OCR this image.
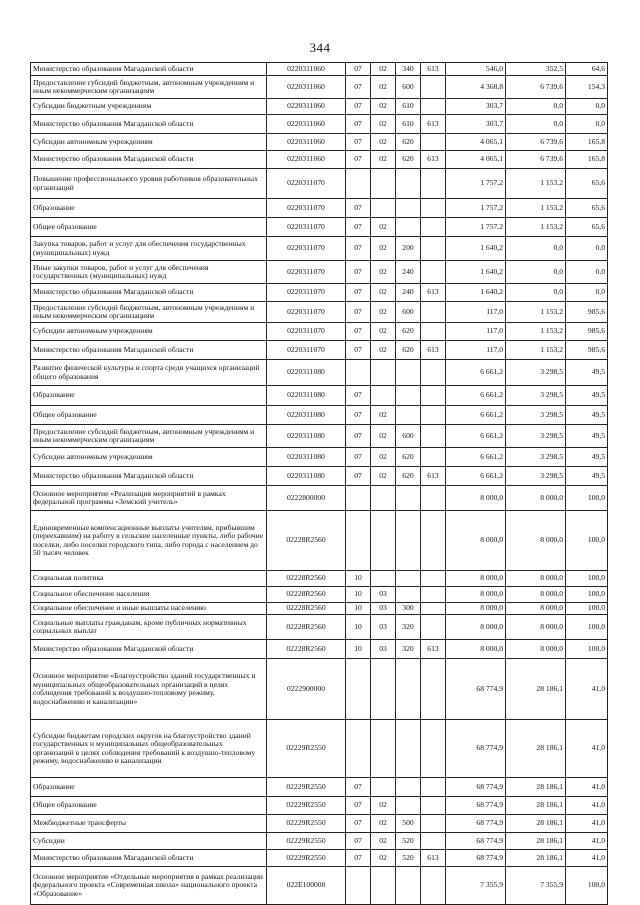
344
Министерство образования Магаданской области	0220311060	07	02	340	613	546,0	352,5	64,6
Предоставление субсидий бюджетным, автономным учреждениям и иным некоммерческим организациям	0220311060	07	02	600		4 368,8	6 739,6	154,3
Субсидии бюджетным учреждениям	0220311060	07	02	610		303,7	0,0	0,0
Министерство образования Магаданской области	0220311060	07	02	610	613	303,7	0,0	0,0
Субсидии автономным учреждениям	0220311060	07	02	620		4 065,1	6 739,6	165,8
Министерство образования Магаданской области	0220311060	07	02	620	613	4 065,1	6 739,6	165,8
Повышение профессионального уровня работников образовательных организаций	0220311070					1 757,2	1 153,2	65,6
Образование	0220311070	07				1 757,2	1 153,2	65,6
Общее образование	0220311070	07	02			1 757,2	1 153,2	65,6
Закупка товаров, работ и услуг для обеспечения государственных (муниципальных) нужд	0220311070	07	02	200		1 640,2	0,0	0,0
Иные закупки товаров, работ и услуг для обеспечения государственных (муниципальных) нужд	0220311070	07	02	240		1 640,2	0,0	0,0
Министерство образования Магаданской области	0220311070	07	02	240	613	1 640,2	0,0	0,0
Предоставление субсидий бюджетным, автономным учреждениям и иным некоммерческим организациям	0220311070	07	02	600		117,0	1 153,2	985,6
Субсидии автономным учреждениям	0220311070	07	02	620		117,0	1 153,2	985,6
Министерство образования Магаданской области	0220311070	07	02	620	613	117,0	1 153,2	985,6
Развитие физической культуры и спорта среди учащихся организаций общего образования	0220311080					6 661,2	3 298,5	49,5
Образование	0220311080	07				6 661,2	3 298,5	49,5
Общее образование	0220311080	07	02			6 661,2	3 298,5	49,5
Предоставление субсидий бюджетным, автономным учреждениям и иным некоммерческим организациям	0220311080	07	02	600		6 661,2	3 298,5	49,5
Субсидии автономным учреждениям	0220311080	07	02	620		6 661,2	3 298,5	49,5
Министерство образования Магаданской области	0220311080	07	02	620	613	6 661,2	3 298,5	49,5
Основное мероприятие «Реализация мероприятий в рамках федеральной программы «Земский учитель»	0222800000					8 000,0	8 000,0	100,0
Единовременные компенсационные выплаты учителям, прибывшим (переехавшим) на работу в сельские населенные пункты, либо рабочие поселки, либо поселки городского типа, либо города с населением до 50 тысяч человек	02228R2560					8 000,0	8 000,0	100,0
Социальная политика	02228R2560	10				8 000,0	8 000,0	100,0
Социальное обеспечение населения	02228R2560	10	03			8 000,0	8 000,0	100,0
Социальное обеспечение и иные выплаты населению	02228R2560	10	03	300		8 000,0	8 000,0	100,0
Социальные выплаты гражданам, кроме публичных нормативных социальных выплат	02228R2560	10	03	320		8 000,0	8 000,0	100,0
Министерство образования Магаданской области	02228R2560	10	03	320	613	8 000,0	8 000,0	100,0
Основное мероприятие «Благоустройство зданий государственных и муниципальных общеобразовательных организаций в целях соблюдения требований к воздушно-тепловому режиму, водоснабжению и канализации»	0222900000					68 774,9	28 186,1	41,0
Субсидии бюджетам городских округов на благоустройство зданий государственных и муниципальных общеобразовательных организаций в целях соблюдения требований к воздушно-тепловому режиму, водоснабжению и канализации	02229R2550					68 774,9	28 186,1	41,0
Образование	02229R2550	07				68 774,9	28 186,1	41,0
Общее образование	02229R2550	07	02			68 774,9	28 186,1	41,0
Межбюджетные трансферты	02229R2550	07	02	500		68 774,9	28 186,1	41,0
Субсидии	02229R2550	07	02	520		68 774,9	28 186,1	41,0
Министерство образования Магаданской области	02229R2550	07	02	520	613	68 774,9	28 186,1	41,0
Основное мероприятие «Отдельные мероприятия в рамках реализации федерального проекта «Современная школа» национального проекта «Образование»	022E100000					7 355,9	7 355,9	100,0
